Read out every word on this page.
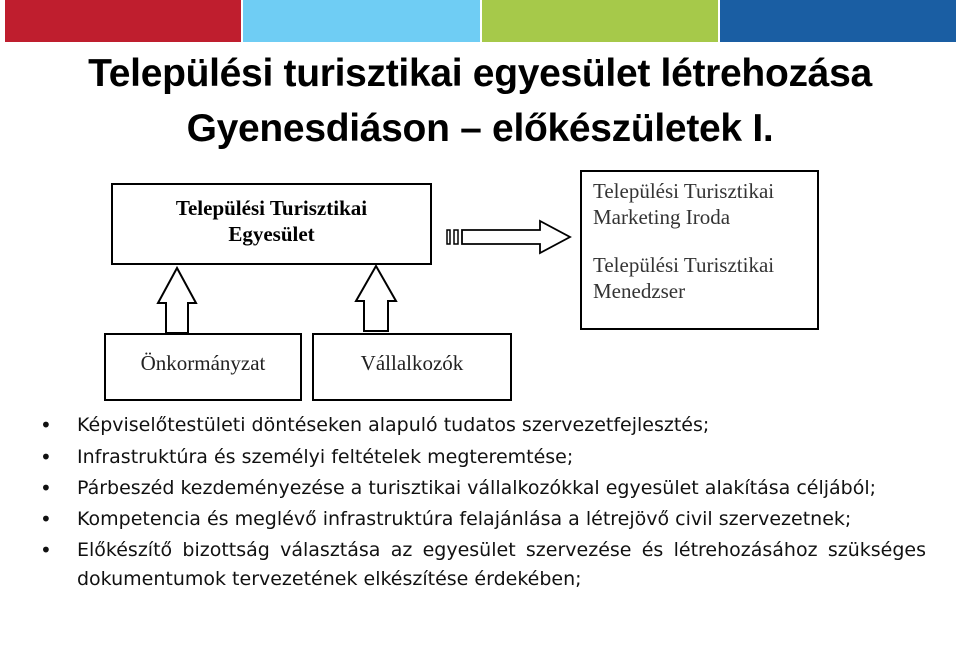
Települési turisztikai egyesület létrehozása
Gyenesdiáson – előkészületek I.
Települési Turisztikai
Egyesület
Önkormányzat	Vállalkozók
Települési Turisztikai
Marketing Iroda
Települési Turisztikai
Menedzser
• Képviselőtestületi döntéseken alapuló tudatos szervezetfejlesztés;
• Infrastruktúra és személyi feltételek megteremtése;
• Párbeszéd kezdeményezése a turisztikai vállalkozókkal egyesület alakítása céljából;
• Kompetencia és meglévő infrastruktúra felajánlása a létrejövő civil szervezetnek;
• Előkészítő bizottság választása az egyesület szervezése és létrehozásához szükséges dokumentumok tervezetének elkészítése érdekében;
